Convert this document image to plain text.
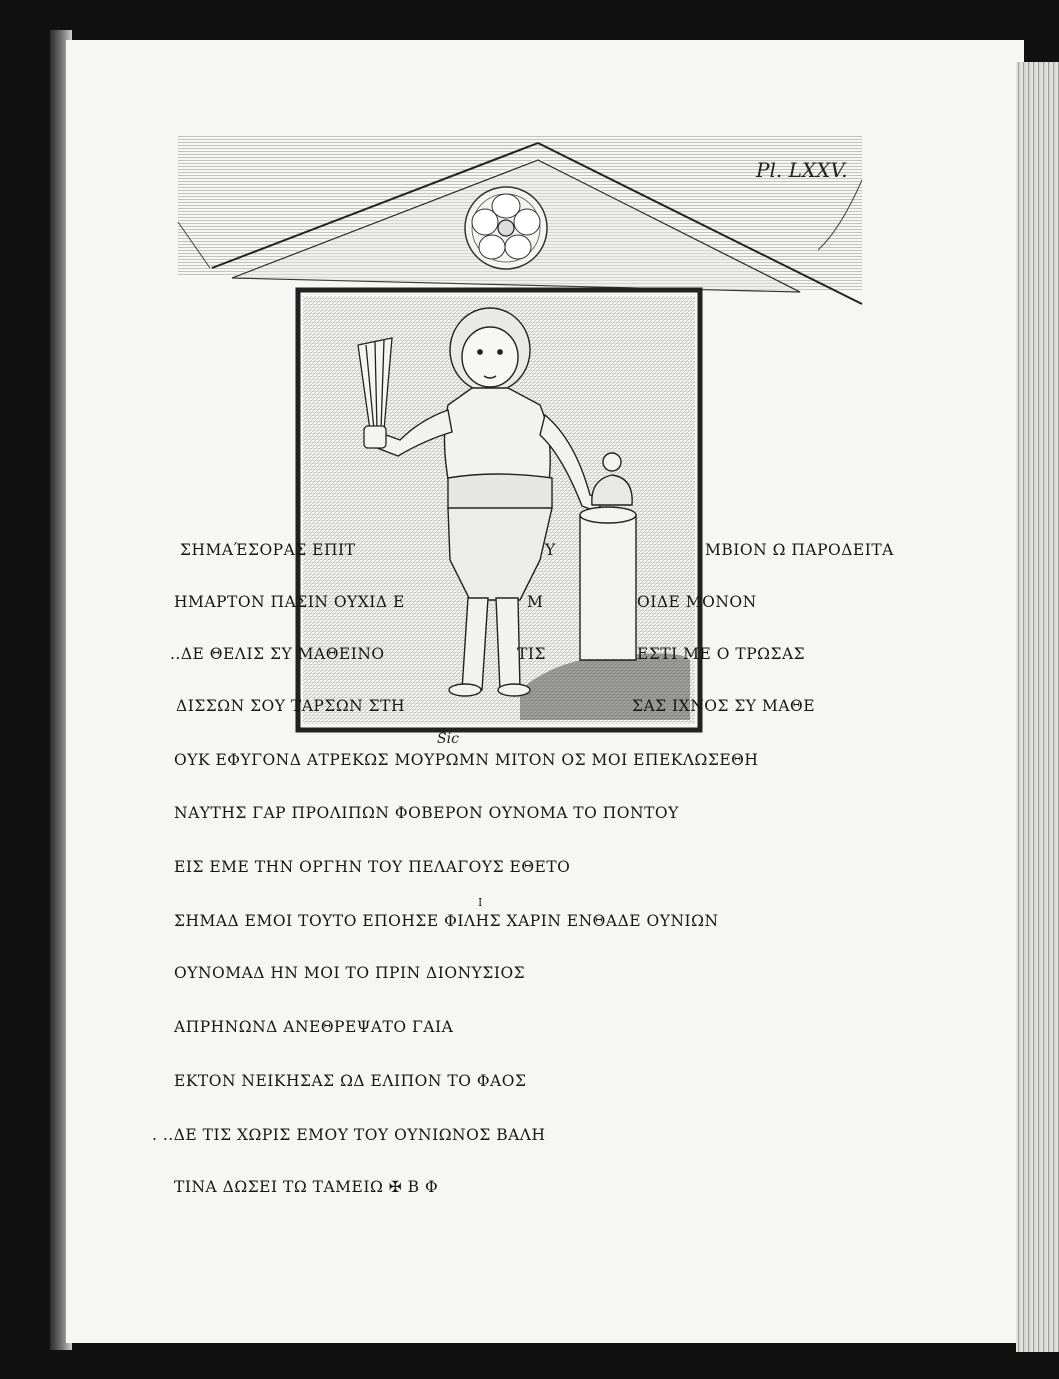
Pl. LXXV.
ΣΗΜΑΈΣΟΡΑΣ ΕΠΙΤ	Υ	ΜΒΙΟΝ Ω ΠΑΡΟΔΕΙΤΑ
ΗΜΑΡΤΟΝ ΠΑΣΙΝ ΟΥΧΙΔ Ε	Μ	ΟΙΔΕ ΜΟΝΟΝ
..ΔΕ ΘΕΛΙΣ ΣΥ ΜΑΘΕΙΝΟ	ΤΙΣ	ΕΣΤΙ ΜΕ Ο ΤΡΩΣΑΣ
ΔΙΣΣΩΝ ΣΟΥ ΤΑΡΣΩΝ ΣΤΗ	ΣΑΣ ΙΧΝΟΣ ΣΥ ΜΑΘΕ
Sic
ΟΥΚ ΕΦΥΓΟΝΔ ΑΤΡΕΚΩΣ ΜΟΥΡΩΜΝ ΜΙΤΟΝ ΟΣ ΜΟΙ ΕΠΕΚΛΩΣΕΘΗ
ΝΑΥΤΗΣ ΓΑΡ ΠΡΟΛΙΠΩΝ ΦΟΒΕΡΟΝ ΟΥΝΟΜΑ ΤΟ ΠΟΝΤΟΥ
ΕΙΣ ΕΜΕ ΤΗΝ ΟΡΓΗΝ ΤΟΥ ΠΕΛΑΓΟΥΣ ΕΘΕΤΟ
I
ΣΗΜΑΔ ΕΜΟΙ ΤΟΥΤΟ ΕΠΟΗΣΕ ΦΙΛΗΣ ΧΑΡΙΝ ΕΝΘΑΔΕ ΟΥΝΙΩΝ
ΟΥΝΟΜΑΔ ΗΝ ΜΟΙ ΤΟ ΠΡΙΝ ΔΙΟΝΥΣΙΟΣ
ΑΠΡΗΝΩΝΔ ΑΝΕΘΡΕΨΑΤΟ ΓΑΙΑ
ΕΚΤΟΝ ΝΕΙΚΗΣΑΣ ΩΔ ΕΛΙΠΟΝ ΤΟ ΦΑΟΣ
. ..ΔΕ ΤΙΣ ΧΩΡΙΣ ΕΜΟΥ ΤΟΥ ΟΥΝΙΩΝΟΣ ΒΑΛΗ
ΤΙΝΑ ΔΩΣΕΙ ΤΩ ΤΑΜΕΙΩ ✠ Β Φ
